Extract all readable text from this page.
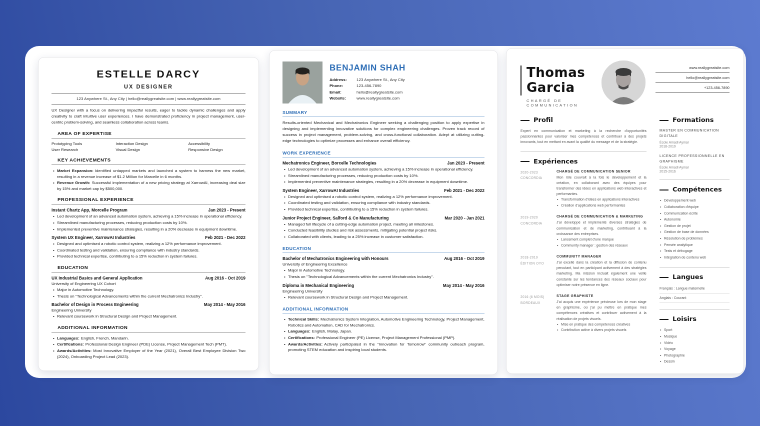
ESTELLE DARCY
UX DESIGNER
123 Anywhere St., Any City | hello@reallygreatsite.com | www.reallygreatsite.com

UX Designer with a focus on delivering impactful results, eager to tackle dynamic challenges and apply creativity to craft intuitive user experiences. I have demonstrated proficiency in project management, user-centric problem-solving, and seamless collaboration across teams.

AREA OF EXPERTISE
Prototyping Tools	Interaction Design	Accessibility
User Research	Visual Design	Responsive Design
KEY ACHIEVEMENTS
• Market Expansion: Identified untapped markets and launched a system to harness the new market, resulting in a revenue increase of $1.2 Million for Marcelle in 6 months.
• Revenue Growth: Successful implementation of a new pricing strategy at XarrowAI, increasing deal size by 15% and market cap by $500,000.
PROFESSIONAL EXPERIENCE
Instant Chartz App, Morcelle Program	Jan 2023 - Present
• Led development of an advanced automation system, achieving a 15% increase in operational efficiency.
• Streamlined manufacturing processes, reducing production costs by 10%.
• Implemented preventive maintenance strategies, resulting in a 20% decrease in equipment downtime.
System UX Engineer, XarrowAI Industries	Feb 2021 - Dec 2022
• Designed and optimised a robotic control system, realizing a 12% performance improvement.
• Coordinated testing and validation, ensuring compliance with industry standards.
• Provided technical expertise, contributing to a 15% reduction in system failures.
EDUCATION
UX Industrial Basics and General Application	Aug 2016 - Oct 2019
University of Engineering UX Cohort
• Major in Automotive Technology.
• Thesis on "Technological Advancements within the current Mechatronics Industry".
Bachelor of Design in Process Engineering	May 2014 - May 2016
Engineering University
• Relevant coursework in Structural Design and Project Management.
ADDITIONAL INFORMATION
• Languages: English, French, Mandarin.
• Certifications: Professional Design Engineer (PDE) License, Project Management Tech (PMT).
• Awards/Activities: Most Innovative Employer of the Year (2021), Overall Best Employee Division Two (2024), Onboarding Project Lead (2023).
BENJAMIN SHAH
Address:	123 Anywhere St., Any City
Phone:	123-456-7890
Email:	hello@reallygreatsite.com
Website:	www.reallygreatsite.com
SUMMARY

Results-oriented Mechanical and Mechatronics Engineer seeking a challenging position to apply expertise in designing and implementing innovative solutions for complex engineering challenges. Proven track record of success in project management, problem-solving, and cross-functional collaboration. Adept at utilizing cutting-edge technologies to optimize processes and enhance overall efficiency.

WORK EXPERIENCE
Mechatronics Engineer, Borcelle Technologies	Jan 2023 - Present
• Led development of an advanced automation system, achieving a 15% increase in operational efficiency.
• Streamlined manufacturing processes, reducing production costs by 10%.
• Implemented preventive maintenance strategies, resulting in a 20% decrease in equipment downtime.
System Engineer, XarrowAI Industries	Feb 2021 - Dec 2022
• Designed and optimised a robotic control system, realizing a 12% performance improvement.
• Coordinated testing and validation, ensuring compliance with industry standards.
• Provided technical expertise, contributing to a 15% reduction in system failures.
Junior Project Engineer, Salford & Co Manufacturing	Mar 2020 - Jan 2021
• Managed full lifecycle of a cutting-edge automation project, meeting all milestones.
• Conducted feasibility studies and risk assessments, mitigating potential project risks.
• Collaborated with clients, leading to a 25% increase in customer satisfaction.
EDUCATION
Bachelor of Mechatronics Engineering with Honours	Aug 2016 - Oct 2019
University of Engineering Excellence
• Major in Automotive Technology.
• Thesis on "Technological Advancements within the current Mechatronics Industry".
Diploma in Mechanical Engineering	May 2014 - May 2016
Engineering University
• Relevant coursework in Structural Design and Project Management.
ADDITIONAL INFORMATION
• Technical Skills: Mechatronics System Integration, Automotive Engineering Technology, Project Management, Robotics and Automation, CAD for Mechatronics.
• Languages: English, Malay, Japan.
• Certifications: Professional Engineer (PE) License, Project Management Professional (PMP).
• Awards/Activities: Actively participated in the "Innovation for Tomorrow" community outreach program, promoting STEM education and inspiring local students.
Thomas Garcia
CHARGÉ DE COMMUNICATION
www.reallygreatsite.com
hello@reallygreatsite.com
+123-456-7890
Profil

Expert en communication et marketing à la recherche d'opportunités passionnantes pour valoriser mes compétences et contribuer à des projets innovants, tout en mettant en avant la qualité du message et de la stratégie.

Expériences
2020-2023
CONCORDIA
CHARGÉ DE COMMUNICATION SENIOR

Mon rôle couvrait à la fois le développement et la création, en collaborant avec des équipes pour transformer des idées en applications web interactives et performantes.

• Transformation d'idées en applications interactives
• Création d'applications web performantes
2019-2020
CONCORDIA
CHARGÉ DE COMMUNICATION & MARKETING

J'ai développé et implémenté diverses stratégies de communication et de marketing, contribuant à la croissance des entreprises.

• Lancement complet d'une marque
• Community manager : gestion des réseaux
2018-2019
ÉDITION OYO
COMMUNITY MANAGER

J'ai excellé dans la création et la diffusion de contenu percutant, tout en participant activement à des stratégies marketing. Ma mission incluait également une veille constante sur les tendances des réseaux sociaux pour optimiser notre présence en ligne.

2016 (6 MOIS)
BORDEAUX
STAGE GRAPHISTE

J'ai acquis une expérience précieuse lors de mon stage en graphisme, où j'ai pu mettre en pratique mes compétences créatives et contribuer activement à la réalisation de projets visuels.

• Mise en pratique des compétences créatives
• Contribution active à divers projets visuels
Formations
MASTER EN COMMUNICATION DIGITALE
École Amadi Aymar
2018-2019
LICENCE PROFESSIONNELLE EN GRAPHISME
École Amadi Aymar
2015-2016
Compétences
• Développement web
• Collaboration d'équipe
• Communication écrite
• Autonomie
• Gestion de projet
• Gestion de base de données
• Résolution de problèmes
• Pensée analytique
• Tests et débogage
• Intégration de contenu web
Langues
Français : Langue maternelle
Anglais : Courant
Loisirs
• Sport
• Musique
• Vidéo
• Voyage
• Photographie
• Dessin
